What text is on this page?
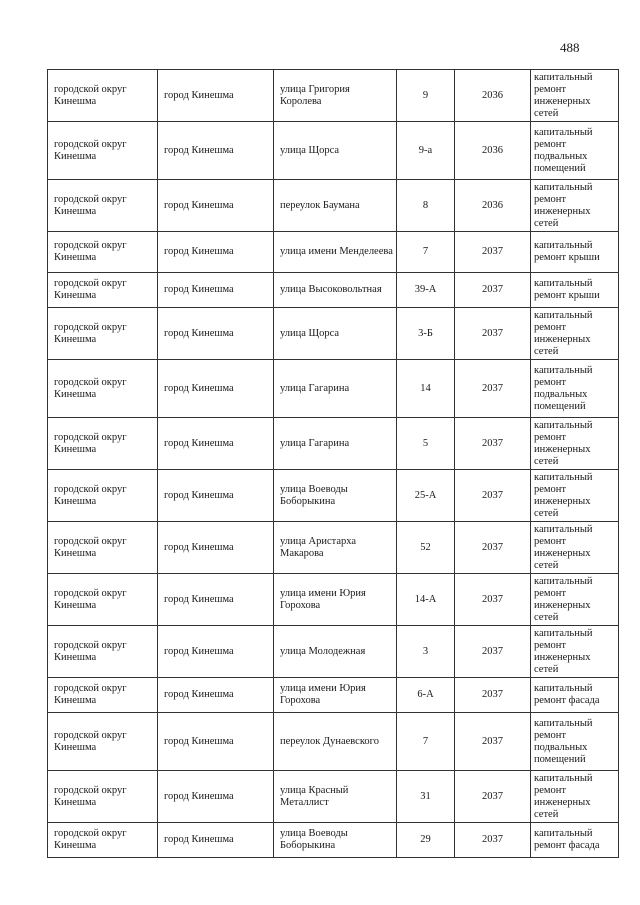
488
городской округ Кинешма	город Кинешма	улица Григория Королева	9	2036	капитальный ремонт инженерных сетей
городской округ Кинешма	город Кинешма	улица Щорса	9-а	2036	капитальный ремонт подвальных помещений
городской округ Кинешма	город Кинешма	переулок Баумана	8	2036	капитальный ремонт инженерных сетей
городской округ Кинешма	город Кинешма	улица имени Менделеева	7	2037	капитальный ремонт крыши
городской округ Кинешма	город Кинешма	улица Высоковольтная	39-А	2037	капитальный ремонт крыши
городской округ Кинешма	город Кинешма	улица Щорса	3-Б	2037	капитальный ремонт инженерных сетей
городской округ Кинешма	город Кинешма	улица Гагарина	14	2037	капитальный ремонт подвальных помещений
городской округ Кинешма	город Кинешма	улица Гагарина	5	2037	капитальный ремонт инженерных сетей
городской округ Кинешма	город Кинешма	улица Воеводы Боборыкина	25-А	2037	капитальный ремонт инженерных сетей
городской округ Кинешма	город Кинешма	улица Аристарха Макарова	52	2037	капитальный ремонт инженерных сетей
городской округ Кинешма	город Кинешма	улица имени Юрия Горохова	14-А	2037	капитальный ремонт инженерных сетей
городской округ Кинешма	город Кинешма	улица Молодежная	3	2037	капитальный ремонт инженерных сетей
городской округ Кинешма	город Кинешма	улица имени Юрия Горохова	6-А	2037	капитальный ремонт фасада
городской округ Кинешма	город Кинешма	переулок Дунаевского	7	2037	капитальный ремонт подвальных помещений
городской округ Кинешма	город Кинешма	улица Красный Металлист	31	2037	капитальный ремонт инженерных сетей
городской округ Кинешма	город Кинешма	улица Воеводы Боборыкина	29	2037	капитальный ремонт фасада
